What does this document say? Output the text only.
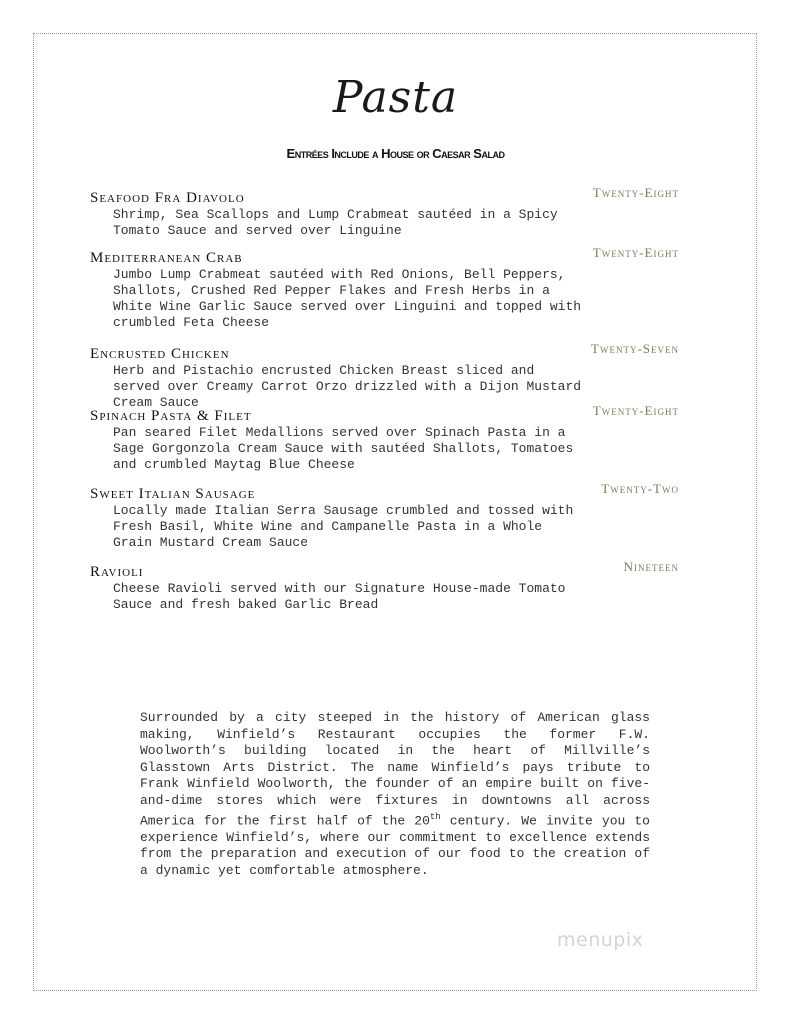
Pasta
Entrées Include a House or Caesar Salad
Seafood Fra Diavolo	Twenty-Eight
Shrimp, Sea Scallops and Lump Crabmeat sautéed in a Spicy Tomato Sauce and served over Linguine
Mediterranean Crab	Twenty-Eight
Jumbo Lump Crabmeat sautéed with Red Onions, Bell Peppers, Shallots, Crushed Red Pepper Flakes and Fresh Herbs in a White Wine Garlic Sauce served over Linguini and topped with crumbled Feta Cheese
Encrusted Chicken	Twenty-Seven
Herb and Pistachio encrusted Chicken Breast sliced and served over Creamy Carrot Orzo drizzled with a Dijon Mustard Cream Sauce
Spinach Pasta & Filet	Twenty-Eight
Pan seared Filet Medallions served over Spinach Pasta in a Sage Gorgonzola Cream Sauce with sautéed Shallots, Tomatoes and crumbled Maytag Blue Cheese
Sweet Italian Sausage	Twenty-Two
Locally made Italian Serra Sausage crumbled and tossed with Fresh Basil, White Wine and Campanelle Pasta in a Whole Grain Mustard Cream Sauce
Ravioli	Nineteen
Cheese Ravioli served with our Signature House-made Tomato Sauce and fresh baked Garlic Bread
Surrounded by a city steeped in the history of American glass making, Winfield’s Restaurant occupies the former F.W. Woolworth’s building located in the heart of Millville’s Glasstown Arts District. The name Winfield’s pays tribute to Frank Winfield Woolworth, the founder of an empire built on five-and-dime stores which were fixtures in downtowns all across America for the first half of the 20th century. We invite you to experience Winfield’s, where our commitment to excellence extends from the preparation and execution of our food to the creation of a dynamic yet comfortable atmosphere.
menupix
